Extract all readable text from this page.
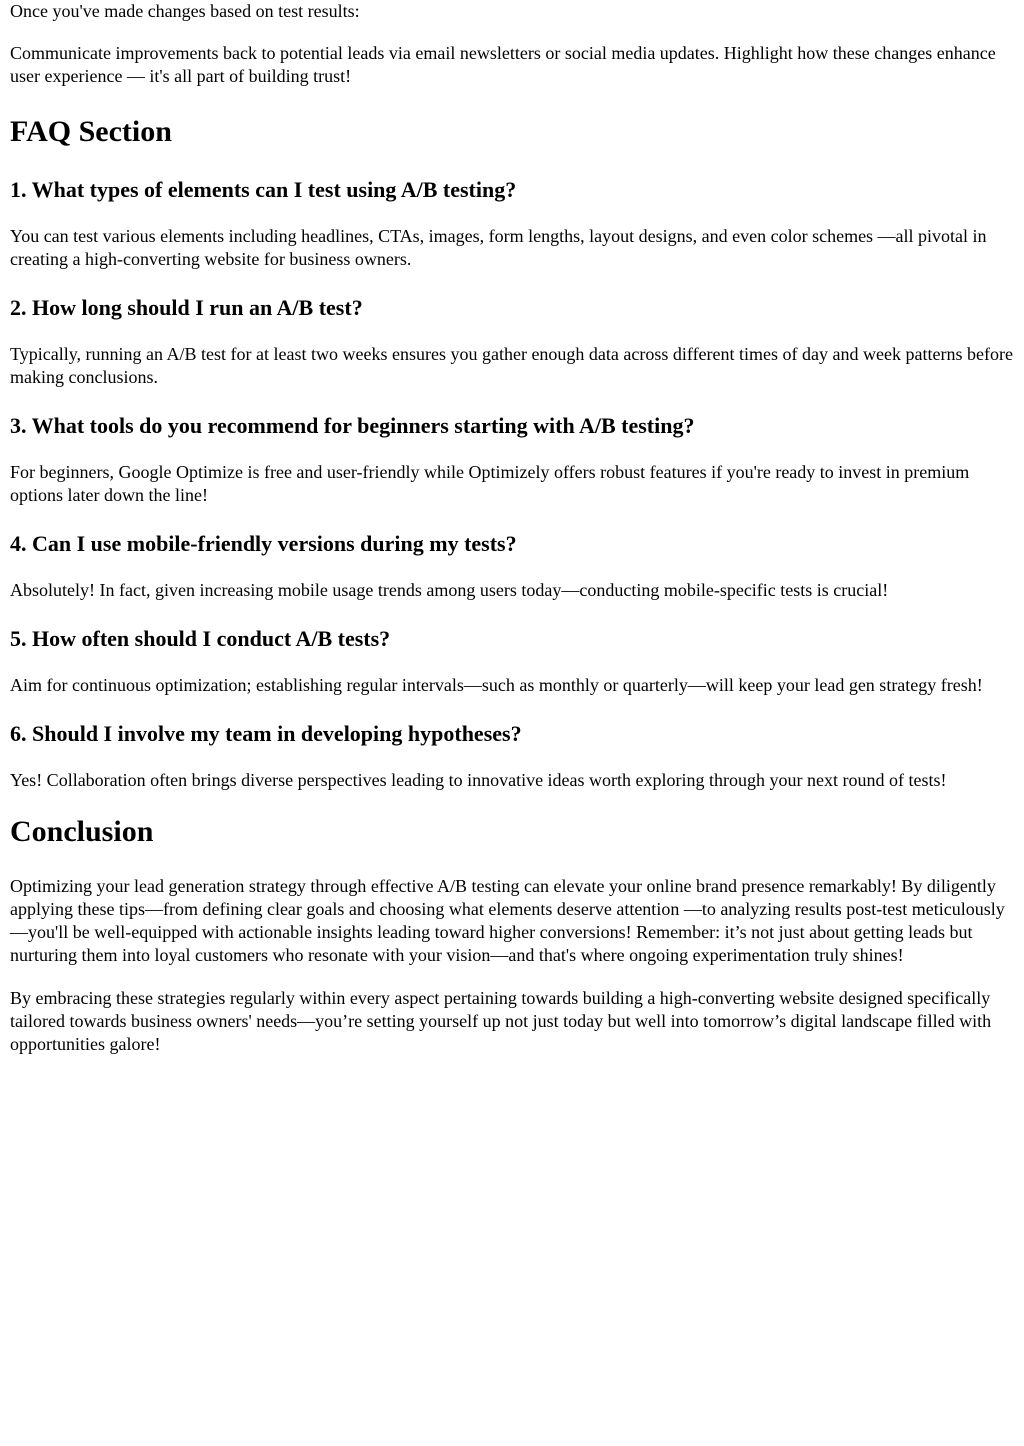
Once you've made changes based on test results:

Communicate improvements back to potential leads via email newsletters or social media updates. Highlight how these changes enhance user experience — it's all part of building trust!

FAQ Section
1. What types of elements can I test using A/B testing?

You can test various elements including headlines, CTAs, images, form lengths, layout designs, and even color schemes —all pivotal in creating a high-converting website for business owners.

2. How long should I run an A/B test?

Typically, running an A/B test for at least two weeks ensures you gather enough data across different times of day and week patterns before making conclusions.

3. What tools do you recommend for beginners starting with A/B testing?

For beginners, Google Optimize is free and user-friendly while Optimizely offers robust features if you're ready to invest in premium options later down the line!

4. Can I use mobile-friendly versions during my tests?

Absolutely! In fact, given increasing mobile usage trends among users today—conducting mobile-specific tests is crucial!

5. How often should I conduct A/B tests?

Aim for continuous optimization; establishing regular intervals—such as monthly or quarterly—will keep your lead gen strategy fresh!

6. Should I involve my team in developing hypotheses?

Yes! Collaboration often brings diverse perspectives leading to innovative ideas worth exploring through your next round of tests!

Conclusion

Optimizing your lead generation strategy through effective A/B testing can elevate your online brand presence remarkably! By diligently applying these tips—from defining clear goals and choosing what elements deserve attention —to analyzing results post-test meticulously—you'll be well-equipped with actionable insights leading toward higher conversions! Remember: it’s not just about getting leads but nurturing them into loyal customers who resonate with your vision—and that's where ongoing experimentation truly shines!

By embracing these strategies regularly within every aspect pertaining towards building a high-converting website designed specifically tailored towards business owners' needs—you’re setting yourself up not just today but well into tomorrow’s digital landscape filled with opportunities galore!
